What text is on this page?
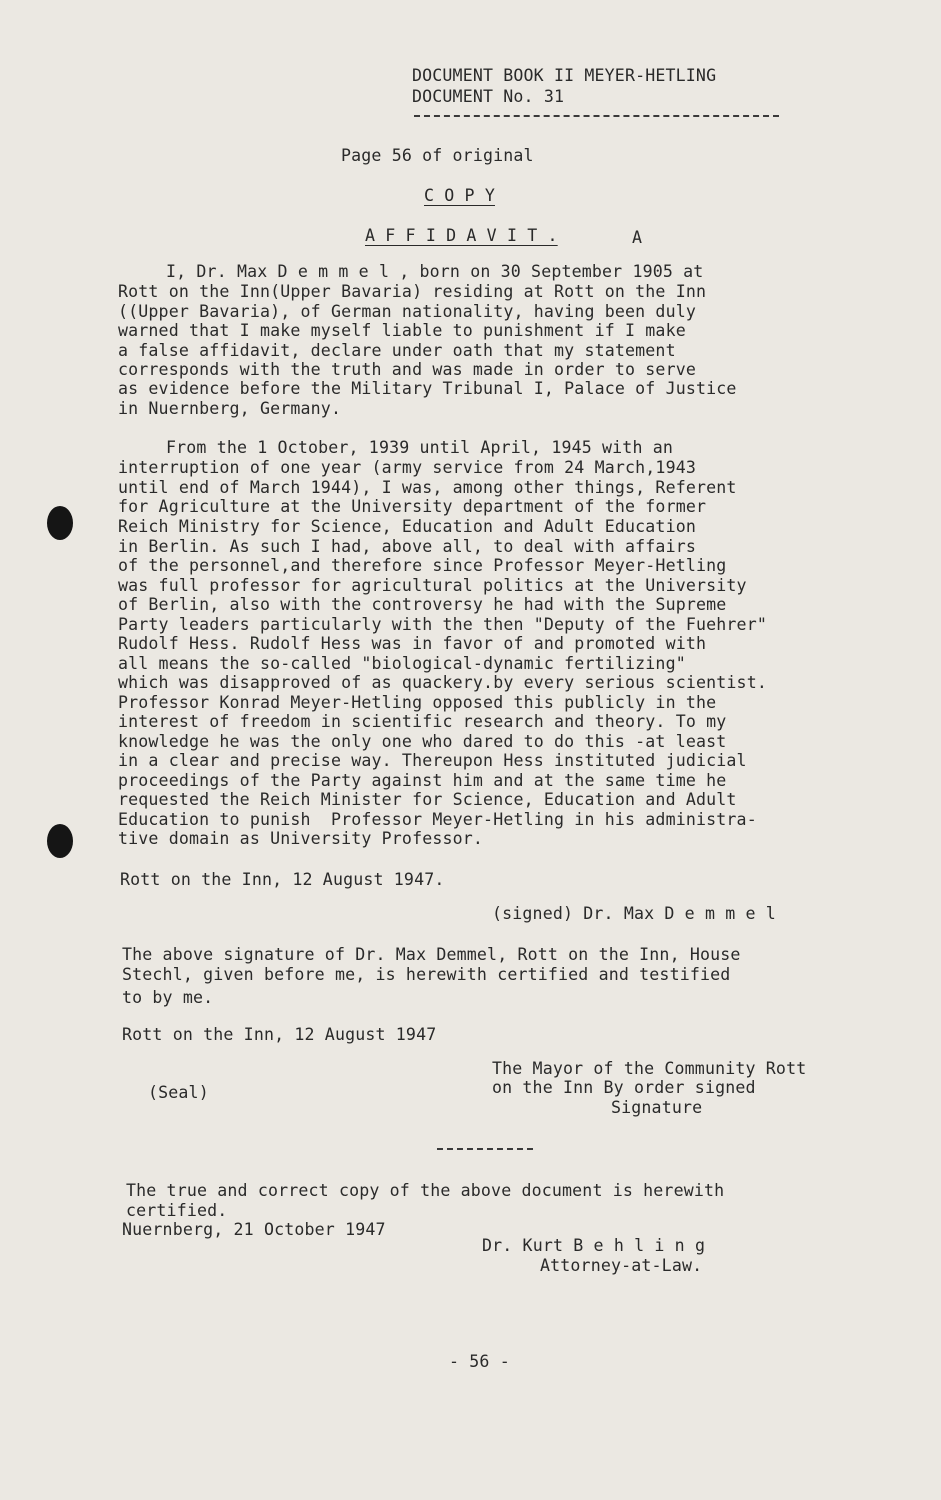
DOCUMENT BOOK II MEYER-HETLING
DOCUMENT No. 31
Page 56 of original
C O P Y
A F F I D A V I T .	A
I, Dr. Max D e m m e l , born on 30 September 1905 at
Rott on the Inn(Upper Bavaria) residing at Rott on the Inn
((Upper Bavaria), of German nationality, having been duly
warned that I make myself liable to punishment if I make
a false affidavit, declare under oath that my statement
corresponds with the truth and was made in order to serve
as evidence before the Military Tribunal I, Palace of Justice
in Nuernberg, Germany.
From the 1 October, 1939 until April, 1945 with an
interruption of one year (army service from 24 March,1943
until end of March 1944), I was, among other things, Referent
for Agriculture at the University department of the former
Reich Ministry for Science, Education and Adult Education
in Berlin. As such I had, above all, to deal with affairs
of the personnel,and therefore since Professor Meyer-Hetling
was full professor for agricultural politics at the University
of Berlin, also with the controversy he had with the Supreme
Party leaders particularly with the then "Deputy of the Fuehrer"
Rudolf Hess. Rudolf Hess was in favor of and promoted with
all means the so-called "biological-dynamic fertilizing"
which was disapproved of as quackery.by every serious scientist.
Professor Konrad Meyer-Hetling opposed this publicly in the
interest of freedom in scientific research and theory. To my
knowledge he was the only one who dared to do this -at least
in a clear and precise way. Thereupon Hess instituted judicial
proceedings of the Party against him and at the same time he
requested the Reich Minister for Science, Education and Adult
Education to punish  Professor Meyer-Hetling in his administra-
tive domain as University Professor.
Rott on the Inn, 12 August 1947.
(signed) Dr. Max D e m m e l
The above signature of Dr. Max Demmel, Rott on the Inn, House
Stechl, given before me, is herewith certified and testified
to by me.
Rott on the Inn, 12 August 1947
(Seal)
The Mayor of the Community Rott
on the Inn By order signed
Signature
The true and correct copy of the above document is herewith
certified.
Nuernberg, 21 October 1947
Dr. Kurt B e h l i n g
Attorney-at-Law.
- 56 -
